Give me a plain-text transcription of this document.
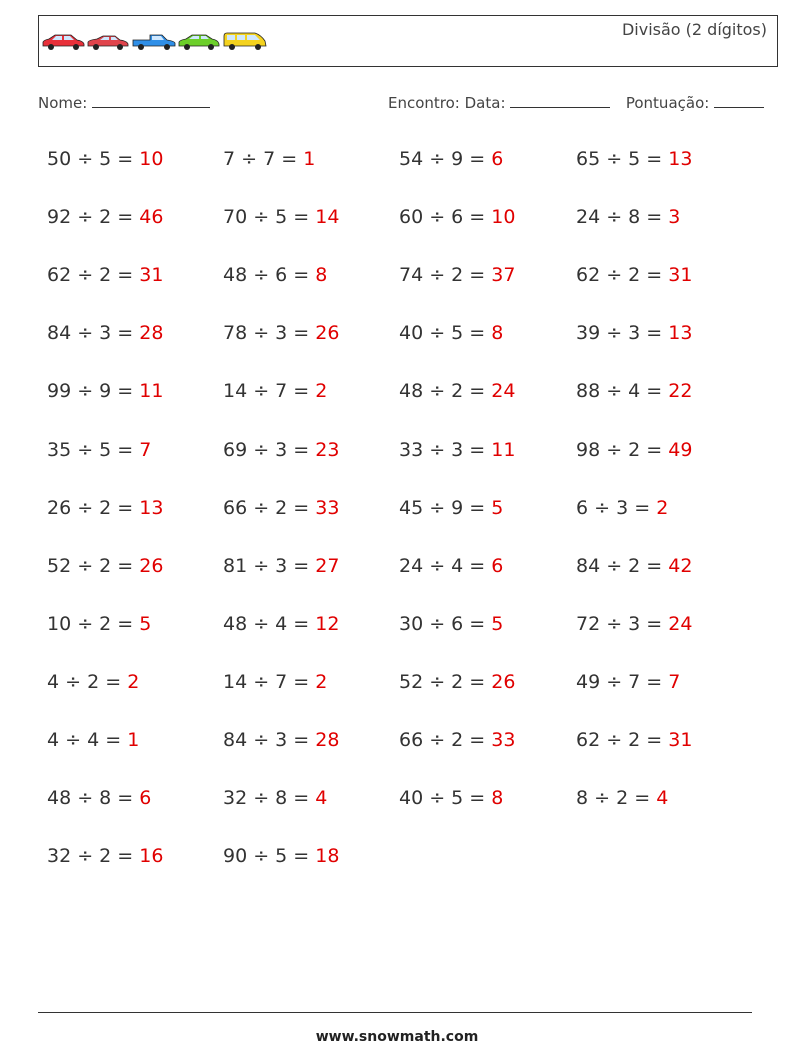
Divisão (2 dígitos)
Nome:	Encontro: Data:	Pontuação:
50 ÷ 5 = 10	7 ÷ 7 = 1	54 ÷ 9 = 6	65 ÷ 5 = 13
92 ÷ 2 = 46	70 ÷ 5 = 14	60 ÷ 6 = 10	24 ÷ 8 = 3
62 ÷ 2 = 31	48 ÷ 6 = 8	74 ÷ 2 = 37	62 ÷ 2 = 31
84 ÷ 3 = 28	78 ÷ 3 = 26	40 ÷ 5 = 8	39 ÷ 3 = 13
99 ÷ 9 = 11	14 ÷ 7 = 2	48 ÷ 2 = 24	88 ÷ 4 = 22
35 ÷ 5 = 7	69 ÷ 3 = 23	33 ÷ 3 = 11	98 ÷ 2 = 49
26 ÷ 2 = 13	66 ÷ 2 = 33	45 ÷ 9 = 5	6 ÷ 3 = 2
52 ÷ 2 = 26	81 ÷ 3 = 27	24 ÷ 4 = 6	84 ÷ 2 = 42
10 ÷ 2 = 5	48 ÷ 4 = 12	30 ÷ 6 = 5	72 ÷ 3 = 24
4 ÷ 2 = 2	14 ÷ 7 = 2	52 ÷ 2 = 26	49 ÷ 7 = 7
4 ÷ 4 = 1	84 ÷ 3 = 28	66 ÷ 2 = 33	62 ÷ 2 = 31
48 ÷ 8 = 6	32 ÷ 8 = 4	40 ÷ 5 = 8	8 ÷ 2 = 4
32 ÷ 2 = 16	90 ÷ 5 = 18
www.snowmath.com
